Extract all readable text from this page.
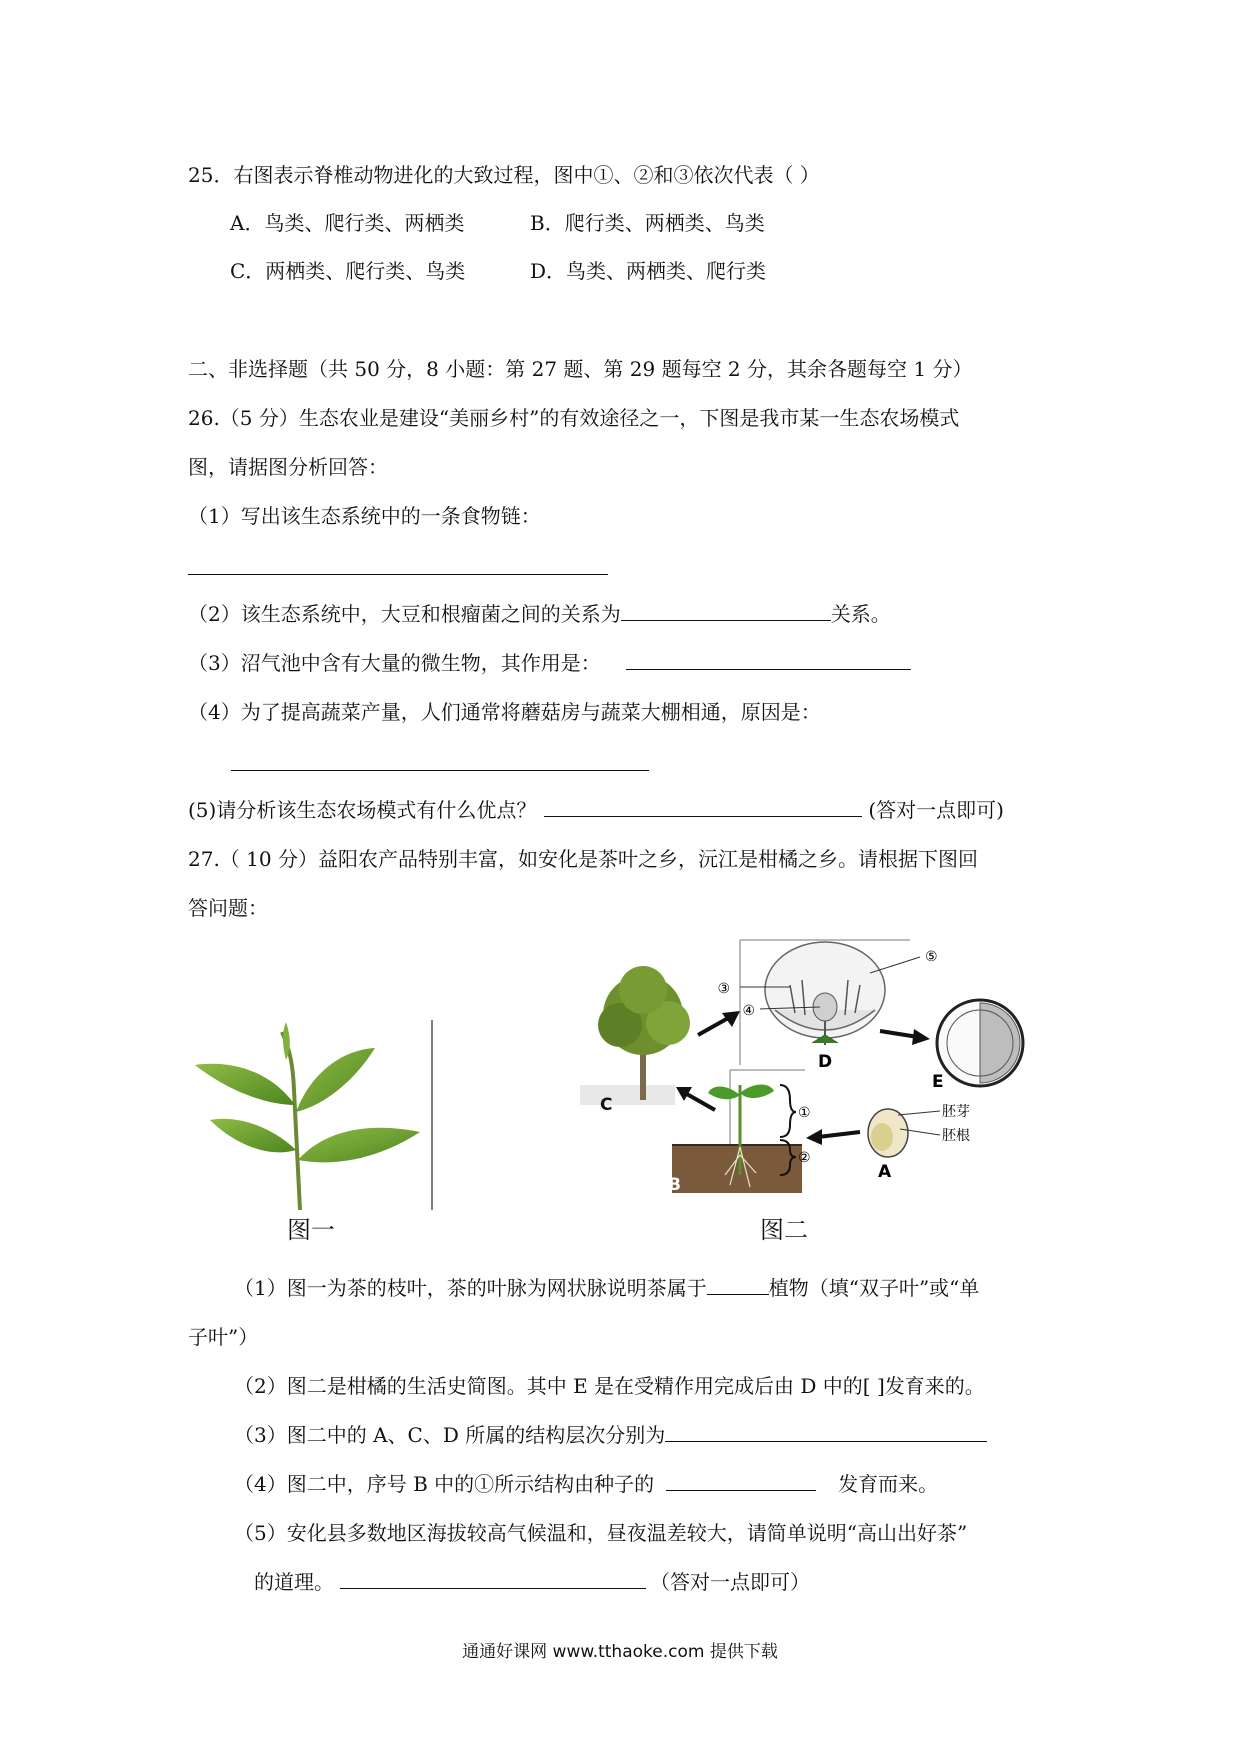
25．右图表示脊椎动物进化的大致过程，图中①、②和③依次代表（ ）
A．鸟类、爬行类、两栖类	B．爬行类、两栖类、鸟类
C．两栖类、爬行类、鸟类	D．鸟类、两栖类、爬行类
二、非选择题（共 50 分，8 小题：第 27 题、第 29 题每空 2 分，其余各题每空 1 分）
26.（5 分）生态农业是建设“美丽乡村”的有效途径之一，下图是我市某一生态农场模式
图，请据图分析回答：
（1）写出该生态系统中的一条食物链：
（2）该生态系统中，大豆和根瘤菌之间的关系为	关系。
（3）沼气池中含有大量的微生物，其作用是：
（4）为了提高蔬菜产量，人们通常将蘑菇房与蔬菜大棚相通，原因是：
(5)请分析该生态农场模式有什么优点？	(答对一点即可)
27.（ 10 分）益阳农产品特别丰富，如安化是茶叶之乡，沅江是柑橘之乡。请根据下图回
答问题：
图一
C
③
④
⑤
D
E
①
②
B
胚芽
胚根
A
图二
（1）图一为茶的枝叶，茶的叶脉为网状脉说明茶属于	植物（填“双子叶”或“单
子叶”）
（2）图二是柑橘的生活史简图。其中 E 是在受精作用完成后由 D 中的[ ]发育来的。
（3）图二中的 A、C、D 所属的结构层次分别为
（4）图二中，序号 B 中的①所示结构由种子的	发育而来。
（5）安化县多数地区海拔较高气候温和，昼夜温差较大，请简单说明“高山出好茶”
的道理。	（答对一点即可）
通通好课网 www.tthaoke.com 提供下载
